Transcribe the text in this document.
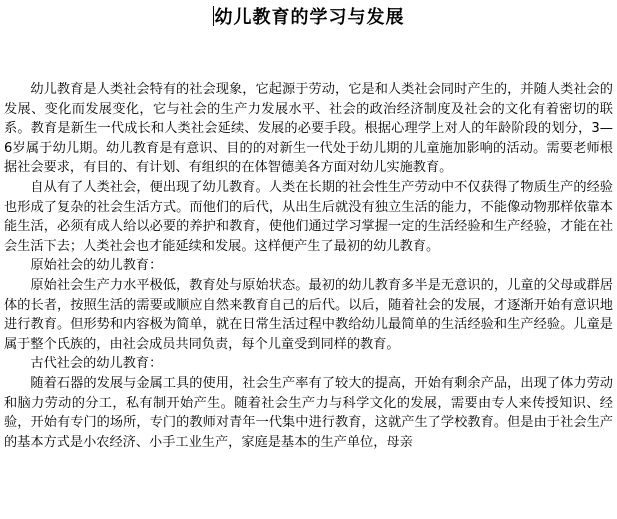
幼儿教育的学习与发展

幼儿教育是人类社会特有的社会现象，它起源于劳动，它是和人类社会同时产生的，并随人类社会的发展、变化而发展变化，它与社会的生产力发展水平、社会的政治经济制度及社会的文化有着密切的联系。教育是新生一代成长和人类社会延续、发展的必要手段。根据心理学上对人的年龄阶段的划分，3—6岁属于幼儿期。幼儿教育是有意识、目的的对新生一代处于幼儿期的儿童施加影响的活动。需要老师根据社会要求，有目的、有计划、有组织的在体智德美各方面对幼儿实施教育。

自从有了人类社会，便出现了幼儿教育。人类在长期的社会性生产劳动中不仅获得了物质生产的经验也形成了复杂的社会生活方式。而他们的后代，从出生后就没有独立生活的能力，不能像动物那样依靠本能生活，必须有成人给以必要的养护和教育，使他们通过学习掌握一定的生活经验和生产经验，才能在社会生活下去；人类社会也才能延续和发展。这样便产生了最初的幼儿教育。

原始社会的幼儿教育：

原始社会生产力水平极低，教育处与原始状态。最初的幼儿教育多半是无意识的，儿童的父母或群居体的长者，按照生活的需要或顺应自然来教育自己的后代。以后，随着社会的发展，才逐渐开始有意识地进行教育。但形势和内容极为简单，就在日常生活过程中教给幼儿最简单的生活经验和生产经验。儿童是属于整个氏族的，由社会成员共同负责，每个儿童受到同样的教育。

古代社会的幼儿教育：

随着石器的发展与金属工具的使用，社会生产率有了较大的提高，开始有剩余产品，出现了体力劳动和脑力劳动的分工，私有制开始产生。随着社会生产力与科学文化的发展，需要由专人来传授知识、经验，开始有专门的场所，专门的教师对青年一代集中进行教育，这就产生了学校教育。但是由于社会生产的基本方式是小农经济、小手工业生产，家庭是基本的生产单位，母亲
